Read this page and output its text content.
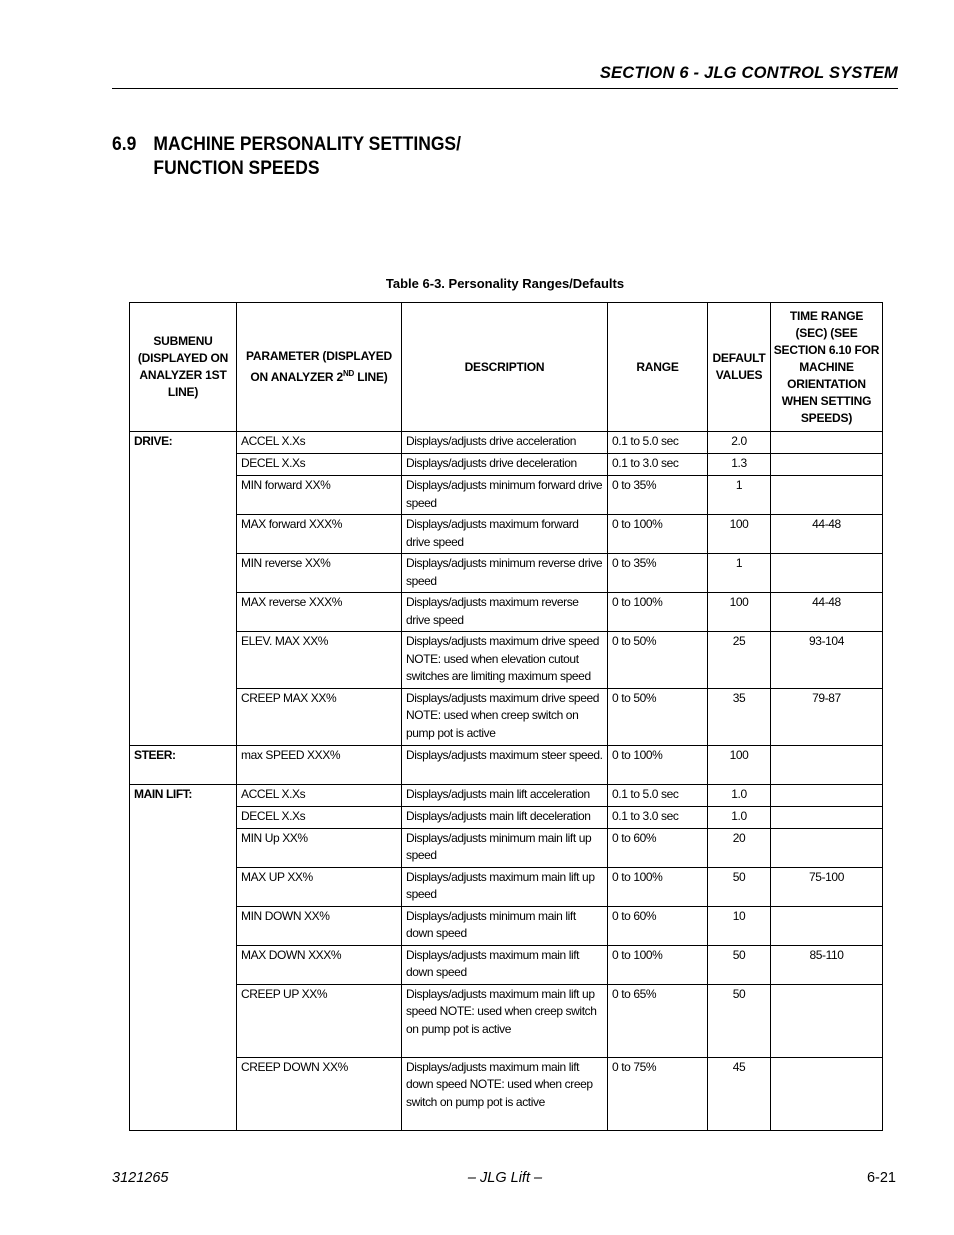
SECTION 6 - JLG CONTROL SYSTEM
6.9 MACHINE PERSONALITY SETTINGS/
FUNCTION SPEEDS
Table 6-3. Personality Ranges/Defaults
SUBMENU (DISPLAYED ON ANALYZER 1ST LINE)	PARAMETER (DISPLAYED ON ANALYZER 2ND LINE)	DESCRIPTION	RANGE	DEFAULT VALUES	TIME RANGE (SEC) (SEE SECTION 6.10 FOR MACHINE ORIENTATION WHEN SETTING SPEEDS)
DRIVE:	ACCEL X.Xs	Displays/adjusts drive acceleration	0.1 to 5.0 sec	2.0	
	DECEL X.Xs	Displays/adjusts drive deceleration	0.1 to 3.0 sec	1.3	
	MIN forward XX%	Displays/adjusts minimum forward drive speed	0 to 35%	1	
	MAX forward XXX%	Displays/adjusts maximum forward drive speed	0 to 100%	100	44-48
	MIN reverse XX%	Displays/adjusts minimum reverse drive speed	0 to 35%	1	
	MAX reverse XXX%	Displays/adjusts maximum reverse drive speed	0 to 100%	100	44-48
	ELEV. MAX XX%	Displays/adjusts maximum drive speed NOTE: used when elevation cutout switches are limiting maximum speed	0 to 50%	25	93-104
	CREEP MAX XX%	Displays/adjusts maximum drive speed NOTE: used when creep switch on pump pot is active	0 to 50%	35	79-87
STEER:	max SPEED XXX%	Displays/adjusts maximum steer speed.	0 to 100%	100	
MAIN LIFT:	ACCEL X.Xs	Displays/adjusts main lift acceleration	0.1 to 5.0 sec	1.0	
	DECEL X.Xs	Displays/adjusts main lift deceleration	0.1 to 3.0 sec	1.0	
	MIN Up XX%	Displays/adjusts minimum main lift up speed	0 to 60%	20	
	MAX UP XX%	Displays/adjusts maximum main lift up speed	0 to 100%	50	75-100
	MIN DOWN XX%	Displays/adjusts minimum main lift down speed	0 to 60%	10	
	MAX DOWN XXX%	Displays/adjusts maximum main lift down speed	0 to 100%	50	85-110
	CREEP UP XX%	Displays/adjusts maximum main lift up speed NOTE: used when creep switch on pump pot is active	0 to 65%	50	
	CREEP DOWN XX%	Displays/adjusts maximum main lift down speed NOTE: used when creep switch on pump pot is active	0 to 75%	45	
3121265	– JLG Lift –	6-21
